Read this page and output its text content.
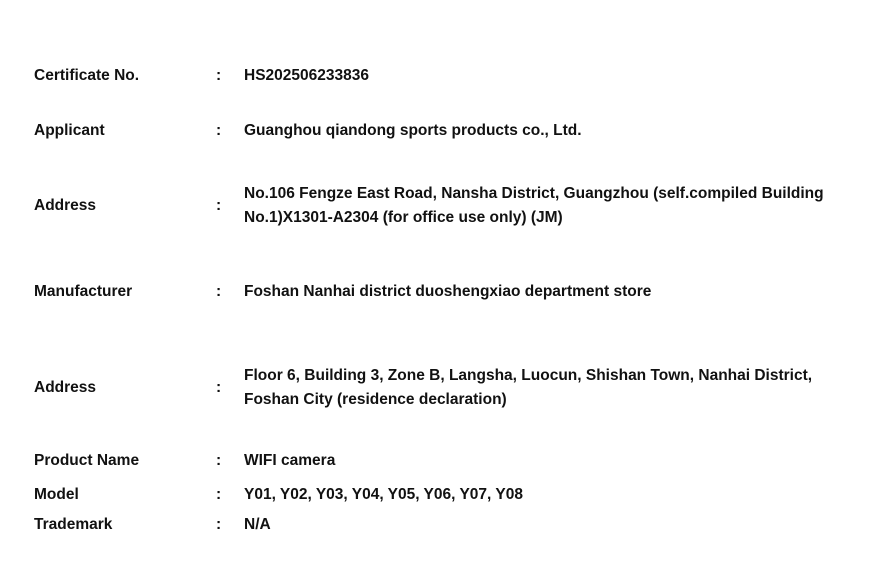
Certificate No.	:	HS202506233836
Applicant	:	Guanghou qiandong sports products co., Ltd.
Address	:	No.106 Fengze East Road, Nansha District, Guangzhou (self.compiled Building No.1)X1301-A2304 (for office use only) (JM)
Manufacturer	:	Foshan Nanhai district duoshengxiao department store
Address	:	Floor 6, Building 3, Zone B, Langsha, Luocun, Shishan Town, Nanhai District, Foshan City (residence declaration)
Product Name	:	WIFI camera
Model	:	Y01, Y02, Y03, Y04, Y05, Y06, Y07, Y08
Trademark	:	N/A
